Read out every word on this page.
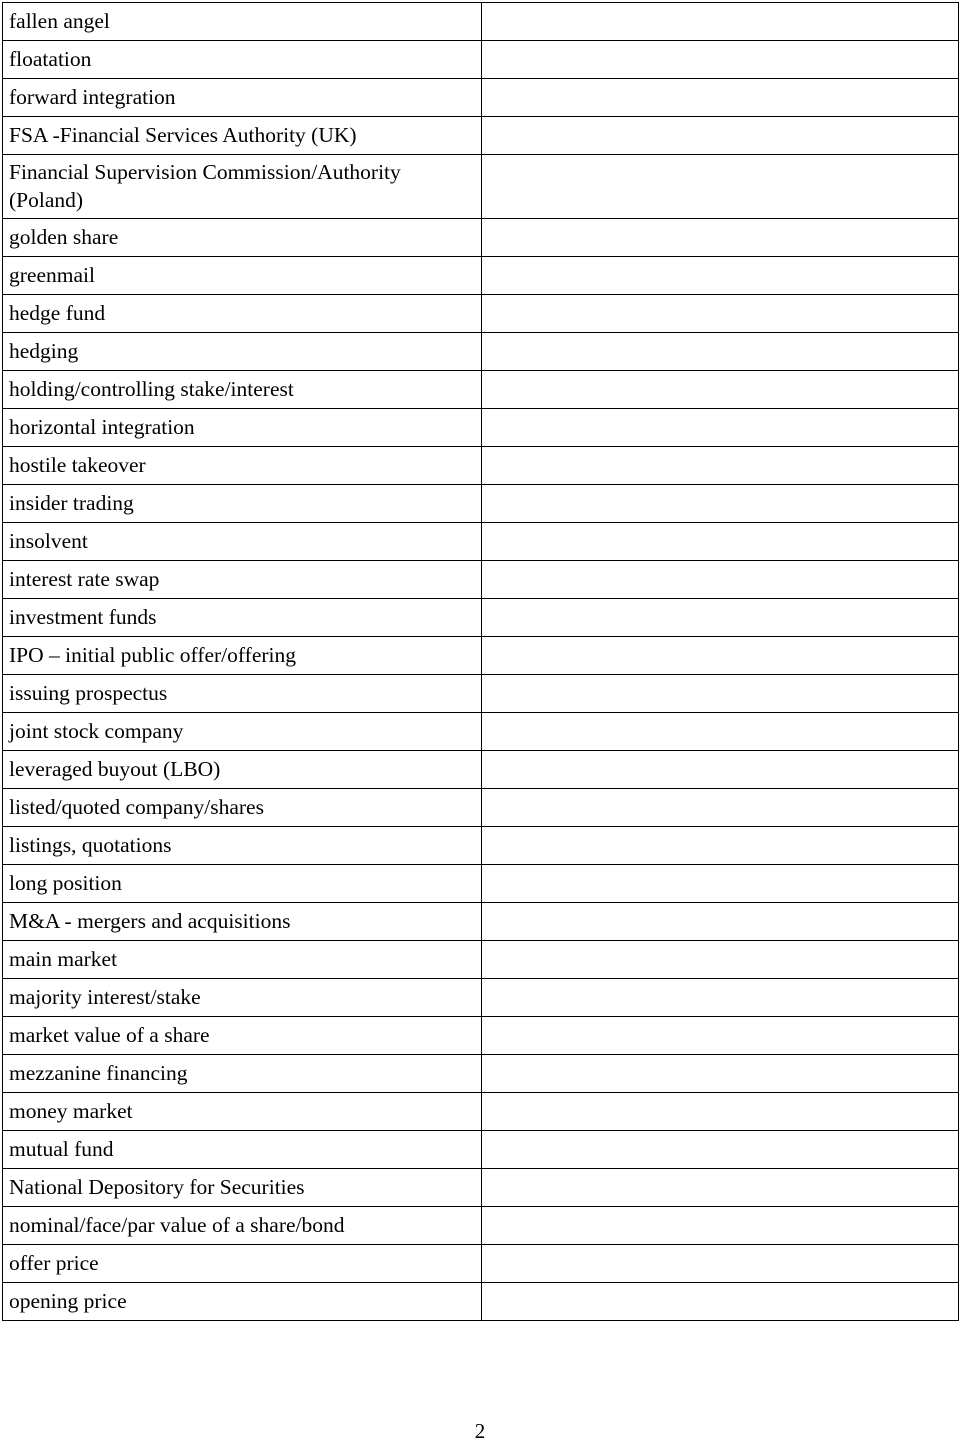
fallen angel	
floatation	
forward integration	
FSA -Financial Services Authority (UK)	
Financial Supervision Commission/Authority (Poland)	
golden share	
greenmail	
hedge fund	
hedging	
holding/controlling stake/interest	
horizontal integration	
hostile takeover	
insider trading	
insolvent	
interest rate swap	
investment funds	
IPO – initial public offer/offering	
issuing prospectus	
joint stock company	
leveraged buyout (LBO)	
listed/quoted company/shares	
listings, quotations	
long position	
M&A - mergers and acquisitions	
main market	
majority interest/stake	
market value of a share	
mezzanine financing	
money market	
mutual fund	
National Depository for Securities	
nominal/face/par value of a share/bond	
offer price	
opening price	
2
